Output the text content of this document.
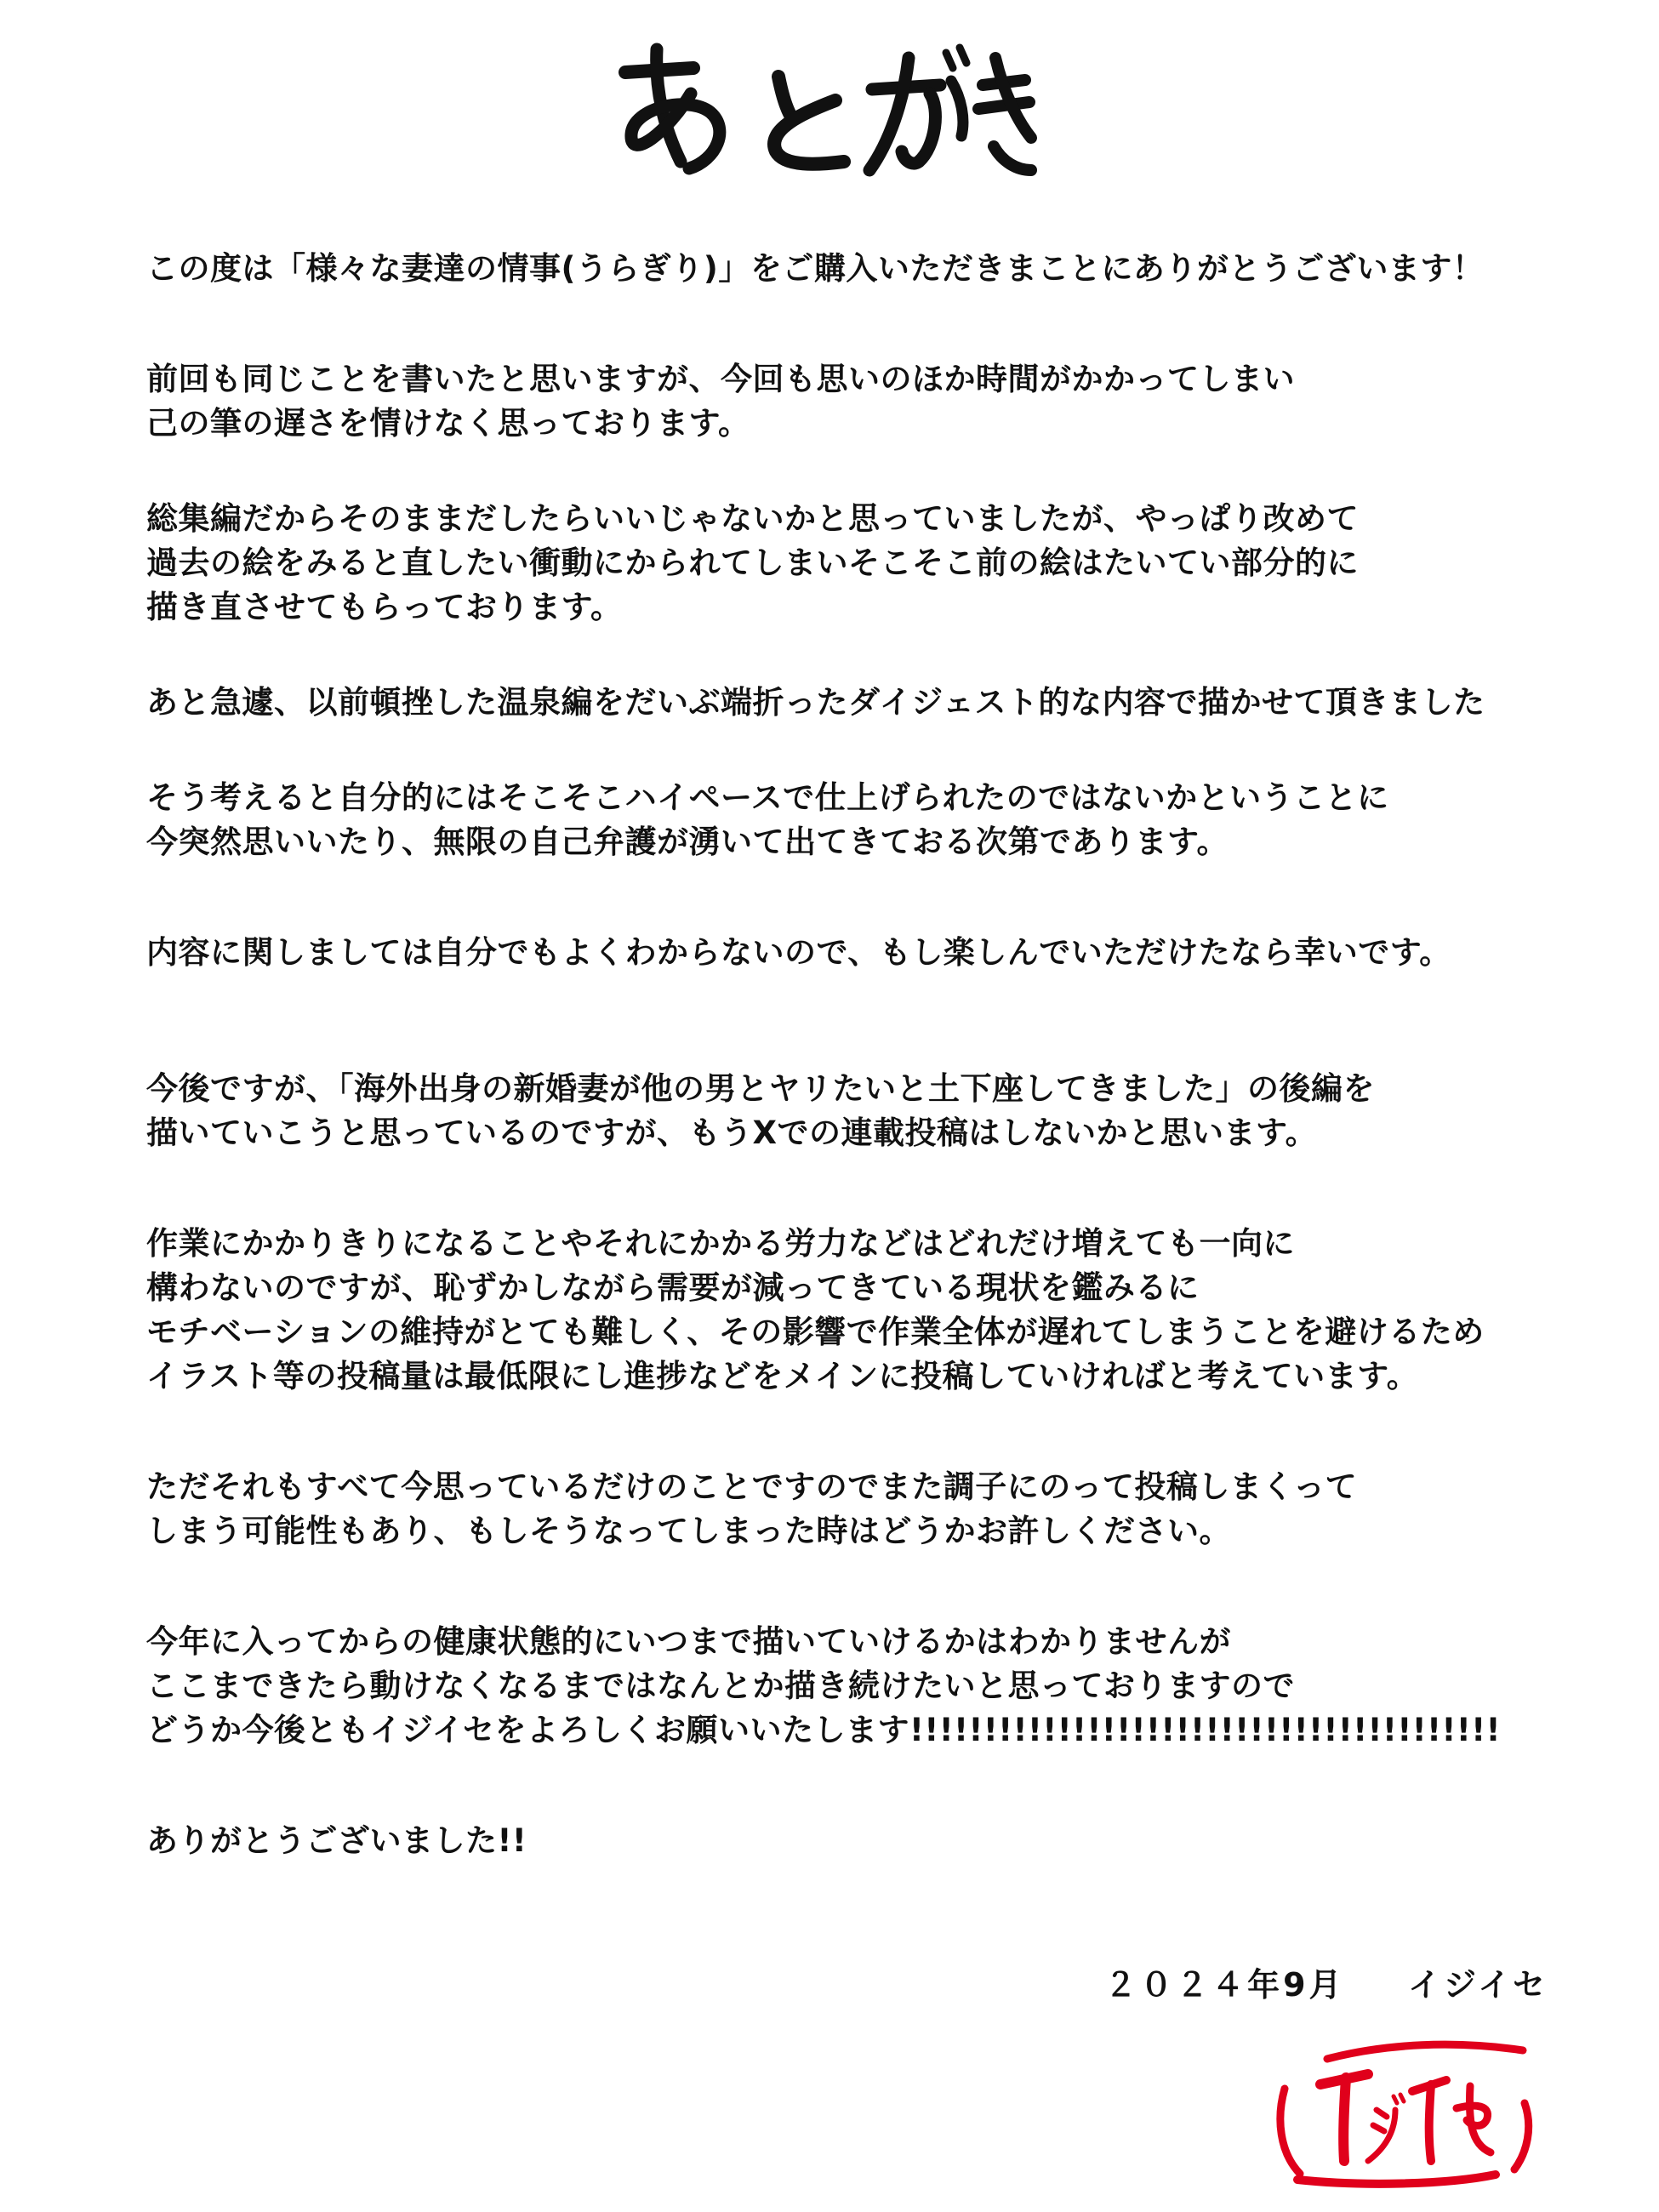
この度は「様々な妻達の情事(うらぎり)」をご購入いただきまことにありがとうございます！

前回も同じことを書いたと思いますが、今回も思いのほか時間がかかってしまい
己の筆の遅さを情けなく思っております。

総集編だからそのままだしたらいいじゃないかと思っていましたが、やっぱり改めて
過去の絵をみると直したい衝動にかられてしまいそこそこ前の絵はたいてい部分的に
描き直させてもらっております。

あと急遽、以前頓挫した温泉編をだいぶ端折ったダイジェスト的な内容で描かせて頂きました

そう考えると自分的にはそこそこハイペースで仕上げられたのではないかということに
今突然思いいたり、無限の自己弁護が湧いて出てきておる次第であります。

内容に関しましては自分でもよくわからないので、もし楽しんでいただけたなら幸いです。

今後ですが、「海外出身の新婚妻が他の男とヤリたいと土下座してきました」の後編を
描いていこうと思っているのですが、もうXでの連載投稿はしないかと思います。

作業にかかりきりになることやそれにかかる労力などはどれだけ増えても一向に
構わないのですが、恥ずかしながら需要が減ってきている現状を鑑みるに
モチベーションの維持がとても難しく、その影響で作業全体が遅れてしまうことを避けるため
イラスト等の投稿量は最低限にし進捗などをメインに投稿していければと考えています。

ただそれもすべて今思っているだけのことですのでまた調子にのって投稿しまくって
しまう可能性もあり、もしそうなってしまった時はどうかお許しください。

今年に入ってからの健康状態的にいつまで描いていけるかはわかりませんが
ここまできたら動けなくなるまではなんとか描き続けたいと思っておりますので
どうか今後ともイジイセをよろしくお願いいたします!!!!!!!!!!!!!!!!!!!!!!!!!!!!!!!!!!!!!!!!

ありがとうございました!!

２０２４年9月 イジイセ
